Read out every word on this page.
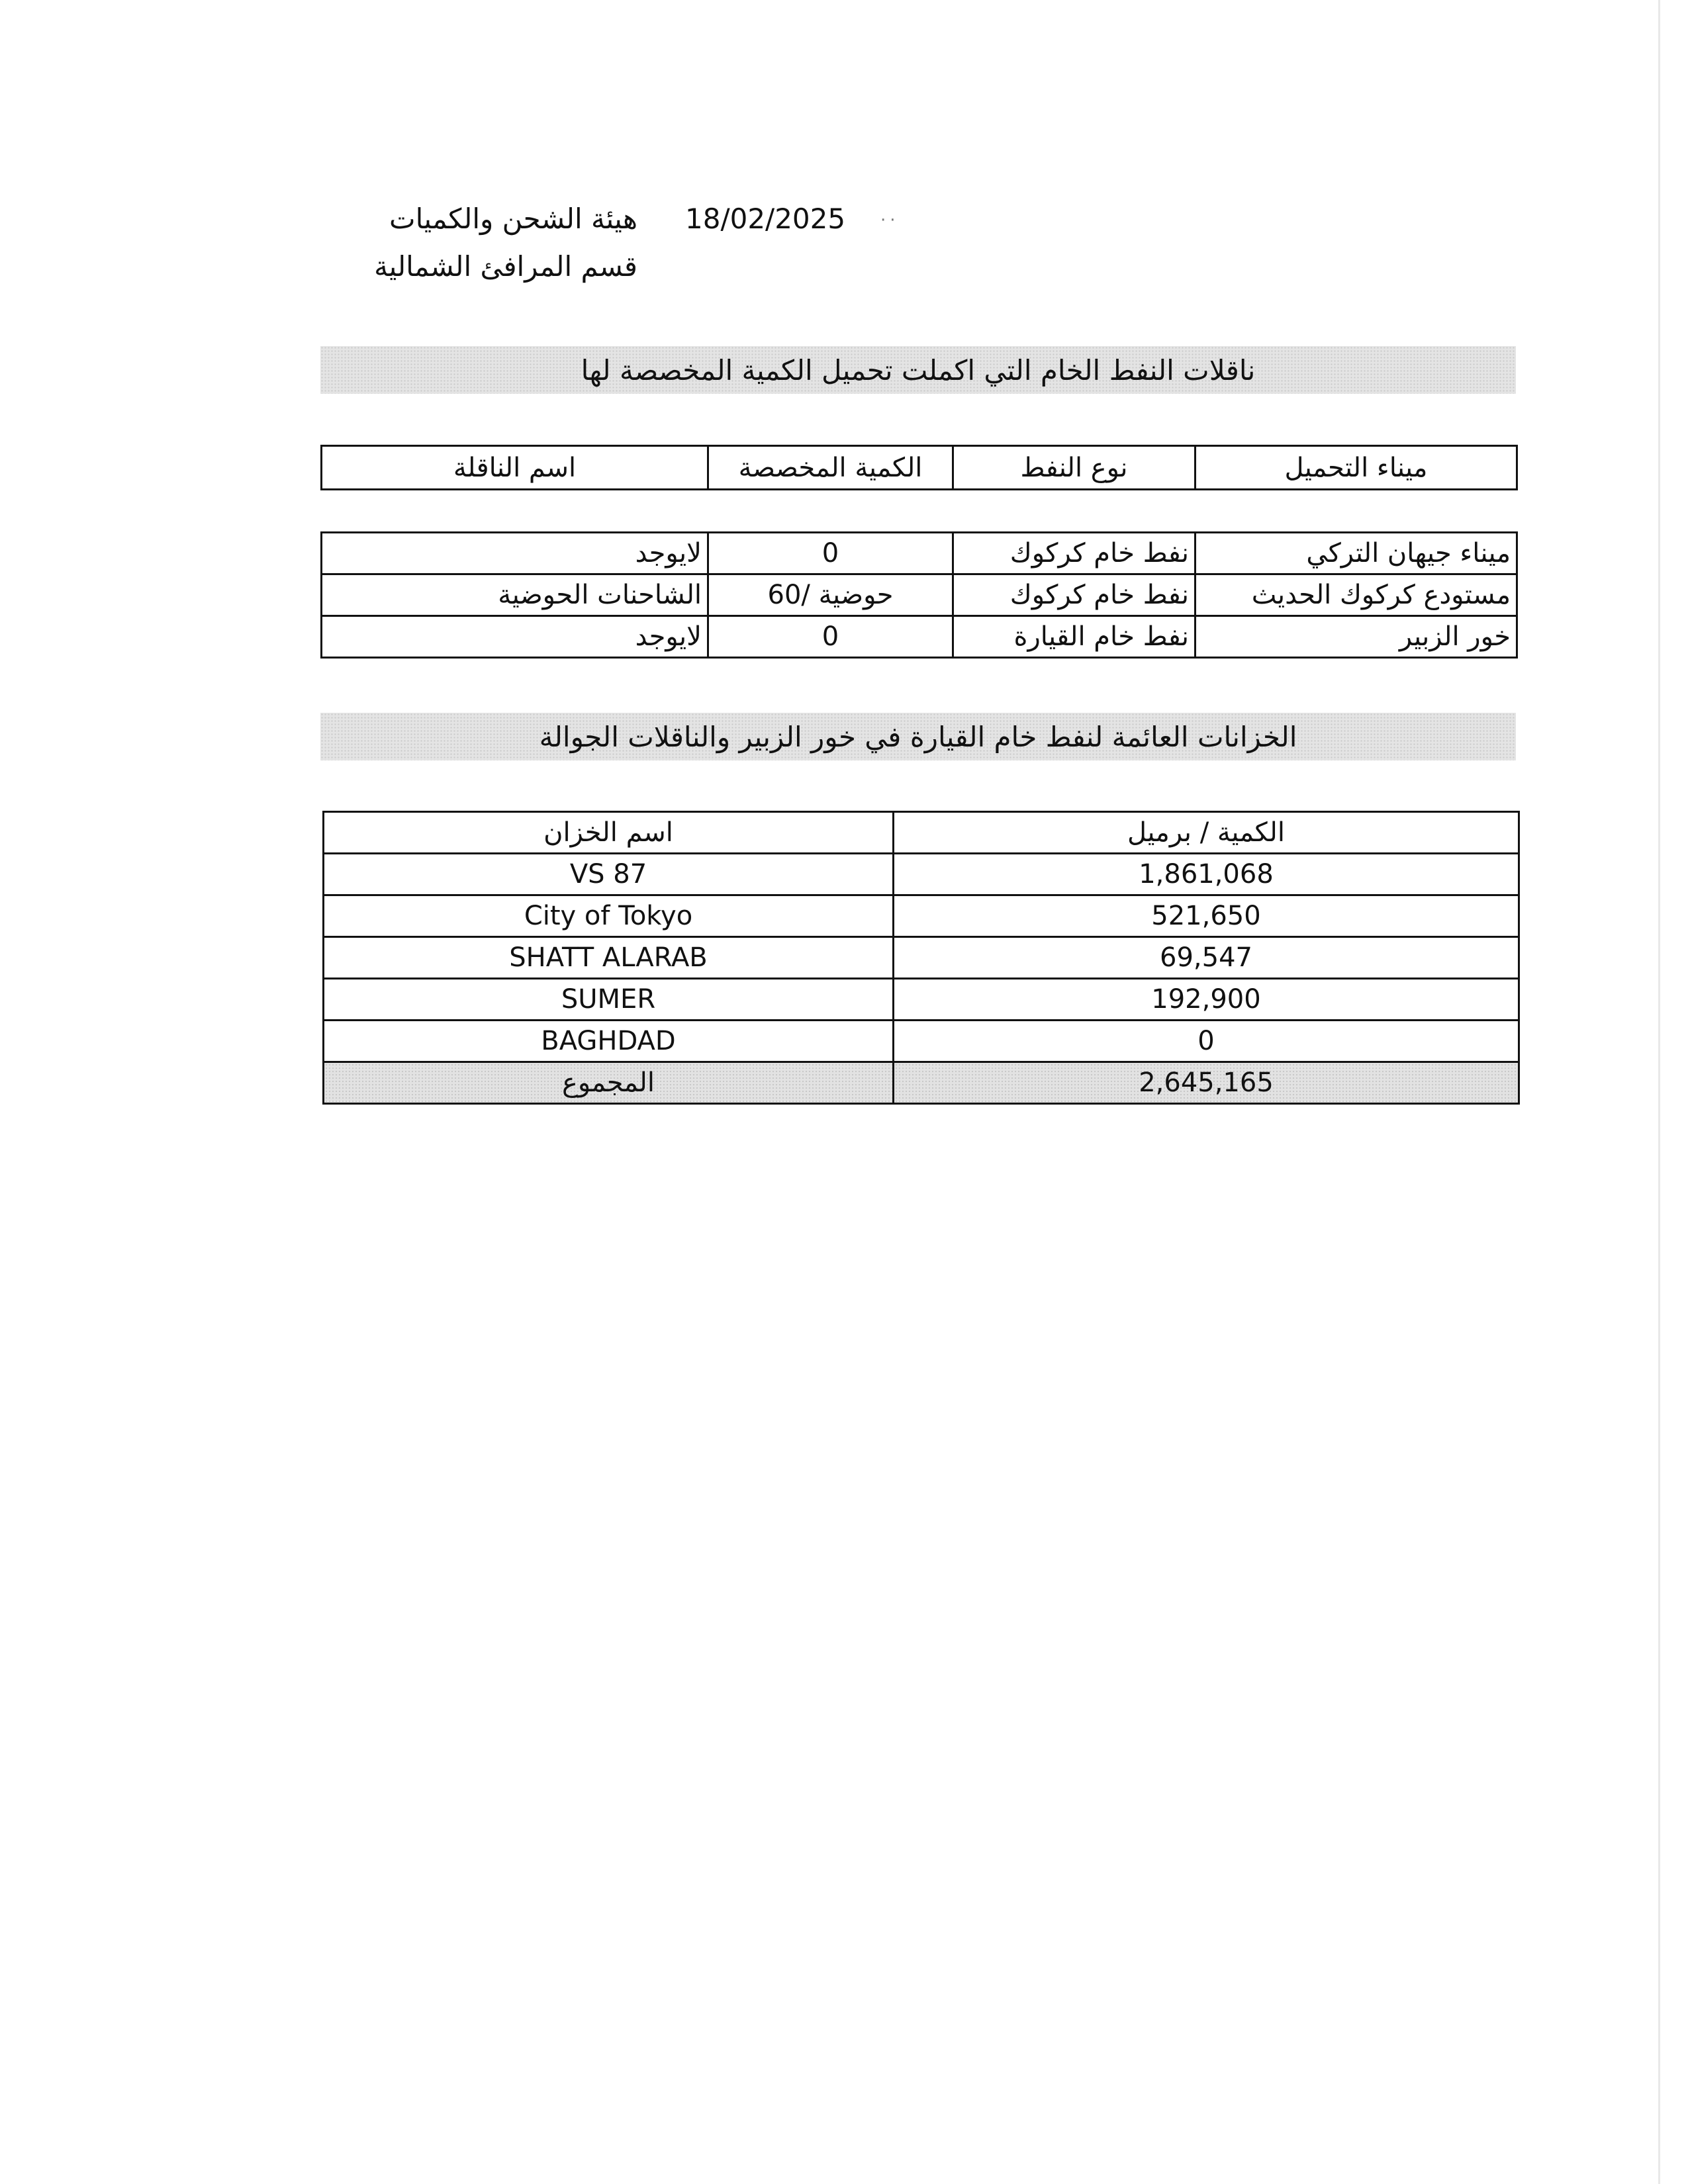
··
18/02/2025
هيئة الشحن والكميات
قسم المرافئ الشمالية
ناقلات النفط الخام التي اكملت تحميل الكمية المخصصة لها
ميناء التحميل	نوع النفط	الكمية المخصصة	اسم الناقلة
ميناء جيهان التركي	نفط خام كركوك	0	لايوجد
مستودع كركوك الحديث	نفط خام كركوك	حوضية /60	الشاحنات الحوضية
خور الزبير	نفط خام القيارة	0	لايوجد
الخزانات العائمة لنفط خام القيارة في خور الزبير والناقلات الجوالة
الكمية / برميل	اسم الخزان
1,861,068	VS 87
521,650	City of Tokyo
69,547	SHATT ALARAB
192,900	SUMER
0	BAGHDAD
2,645,165	المجموع
